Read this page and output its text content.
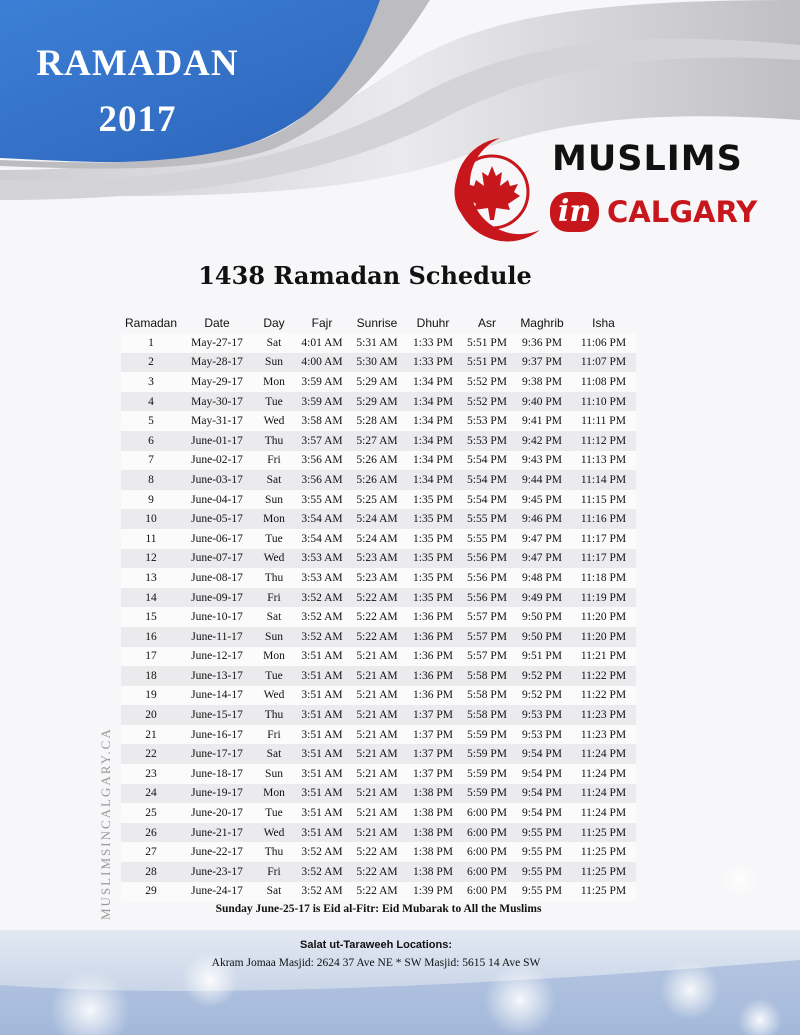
RAMADAN
2017
MUSLIMS
in CALGARY
1438 Ramadan Schedule
MUSLIMSINCALGARY.CA
Ramadan	Date	Day	Fajr	Sunrise	Dhuhr	Asr	Maghrib	Isha
1	May-27-17	Sat	4:01 AM	5:31 AM	1:33 PM	5:51 PM	9:36 PM	11:06 PM
2	May-28-17	Sun	4:00 AM	5:30 AM	1:33 PM	5:51 PM	9:37 PM	11:07 PM
3	May-29-17	Mon	3:59 AM	5:29 AM	1:34 PM	5:52 PM	9:38 PM	11:08 PM
4	May-30-17	Tue	3:59 AM	5:29 AM	1:34 PM	5:52 PM	9:40 PM	11:10 PM
5	May-31-17	Wed	3:58 AM	5:28 AM	1:34 PM	5:53 PM	9:41 PM	11:11 PM
6	June-01-17	Thu	3:57 AM	5:27 AM	1:34 PM	5:53 PM	9:42 PM	11:12 PM
7	June-02-17	Fri	3:56 AM	5:26 AM	1:34 PM	5:54 PM	9:43 PM	11:13 PM
8	June-03-17	Sat	3:56 AM	5:26 AM	1:34 PM	5:54 PM	9:44 PM	11:14 PM
9	June-04-17	Sun	3:55 AM	5:25 AM	1:35 PM	5:54 PM	9:45 PM	11:15 PM
10	June-05-17	Mon	3:54 AM	5:24 AM	1:35 PM	5:55 PM	9:46 PM	11:16 PM
11	June-06-17	Tue	3:54 AM	5:24 AM	1:35 PM	5:55 PM	9:47 PM	11:17 PM
12	June-07-17	Wed	3:53 AM	5:23 AM	1:35 PM	5:56 PM	9:47 PM	11:17 PM
13	June-08-17	Thu	3:53 AM	5:23 AM	1:35 PM	5:56 PM	9:48 PM	11:18 PM
14	June-09-17	Fri	3:52 AM	5:22 AM	1:35 PM	5:56 PM	9:49 PM	11:19 PM
15	June-10-17	Sat	3:52 AM	5:22 AM	1:36 PM	5:57 PM	9:50 PM	11:20 PM
16	June-11-17	Sun	3:52 AM	5:22 AM	1:36 PM	5:57 PM	9:50 PM	11:20 PM
17	June-12-17	Mon	3:51 AM	5:21 AM	1:36 PM	5:57 PM	9:51 PM	11:21 PM
18	June-13-17	Tue	3:51 AM	5:21 AM	1:36 PM	5:58 PM	9:52 PM	11:22 PM
19	June-14-17	Wed	3:51 AM	5:21 AM	1:36 PM	5:58 PM	9:52 PM	11:22 PM
20	June-15-17	Thu	3:51 AM	5:21 AM	1:37 PM	5:58 PM	9:53 PM	11:23 PM
21	June-16-17	Fri	3:51 AM	5:21 AM	1:37 PM	5:59 PM	9:53 PM	11:23 PM
22	June-17-17	Sat	3:51 AM	5:21 AM	1:37 PM	5:59 PM	9:54 PM	11:24 PM
23	June-18-17	Sun	3:51 AM	5:21 AM	1:37 PM	5:59 PM	9:54 PM	11:24 PM
24	June-19-17	Mon	3:51 AM	5:21 AM	1:38 PM	5:59 PM	9:54 PM	11:24 PM
25	June-20-17	Tue	3:51 AM	5:21 AM	1:38 PM	6:00 PM	9:54 PM	11:24 PM
26	June-21-17	Wed	3:51 AM	5:21 AM	1:38 PM	6:00 PM	9:55 PM	11:25 PM
27	June-22-17	Thu	3:52 AM	5:22 AM	1:38 PM	6:00 PM	9:55 PM	11:25 PM
28	June-23-17	Fri	3:52 AM	5:22 AM	1:38 PM	6:00 PM	9:55 PM	11:25 PM
29	June-24-17	Sat	3:52 AM	5:22 AM	1:39 PM	6:00 PM	9:55 PM	11:25 PM
Sunday June-25-17 is Eid al-Fitr: Eid Mubarak to All the Muslims
Salat ut-Taraweeh Locations:
Akram Jomaa Masjid: 2624 37 Ave NE * SW Masjid: 5615 14 Ave SW
